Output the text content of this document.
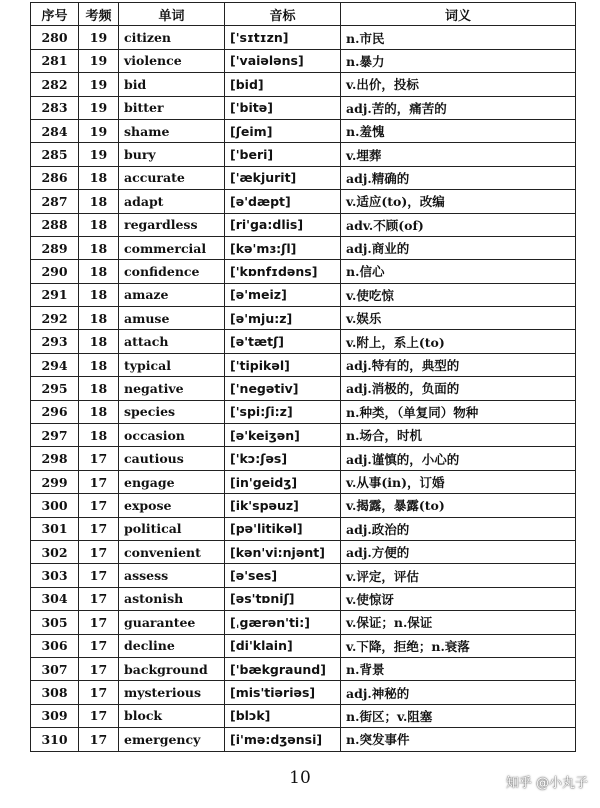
序号	考频	单词	音标	词义
280	19	citizen	['sɪtɪzn]	n.市民
281	19	violence	['vaiələns]	n.暴力
282	19	bid	[bid]	v.出价，投标
283	19	bitter	['bitə]	adj.苦的，痛苦的
284	19	shame	[ʃeim]	n.羞愧
285	19	bury	['beri]	v.埋葬
286	18	accurate	['ækjurit]	adj.精确的
287	18	adapt	[ə'dæpt]	v.适应(to)，改编
288	18	regardless	[ri'ga:dlis]	adv.不顾(of)
289	18	commercial	[kə'mɜ:ʃl]	adj.商业的
290	18	confidence	['kɒnfɪdəns]	n.信心
291	18	amaze	[ə'meiz]	v.使吃惊
292	18	amuse	[ə'mju:z]	v.娱乐
293	18	attach	[ə'tætʃ]	v.附上，系上(to)
294	18	typical	['tipikəl]	adj.特有的，典型的
295	18	negative	['negətiv]	adj.消极的，负面的
296	18	species	['spi:ʃi:z]	n.种类，（单复同）物种
297	18	occasion	[ə'keiʒən]	n.场合，时机
298	17	cautious	['kɔ:ʃəs]	adj.谨慎的，小心的
299	17	engage	[in'geidʒ]	v.从事(in)，订婚
300	17	expose	[ik'spəuz]	v.揭露，暴露(to)
301	17	political	[pə'litikəl]	adj.政治的
302	17	convenient	[kən'vi:njənt]	adj.方便的
303	17	assess	[ə'ses]	v.评定，评估
304	17	astonish	[əs'tɒniʃ]	v.使惊讶
305	17	guarantee	[ˌgærən'ti:]	v.保证；n.保证
306	17	decline	[di'klain]	v.下降，拒绝；n.衰落
307	17	background	['bækgraund]	n.背景
308	17	mysterious	[mis'tiəriəs]	adj.神秘的
309	17	block	[blɔk]	n.街区；v.阻塞
310	17	emergency	[i'mə:dʒənsi]	n.突发事件
10	知乎 @小丸子
